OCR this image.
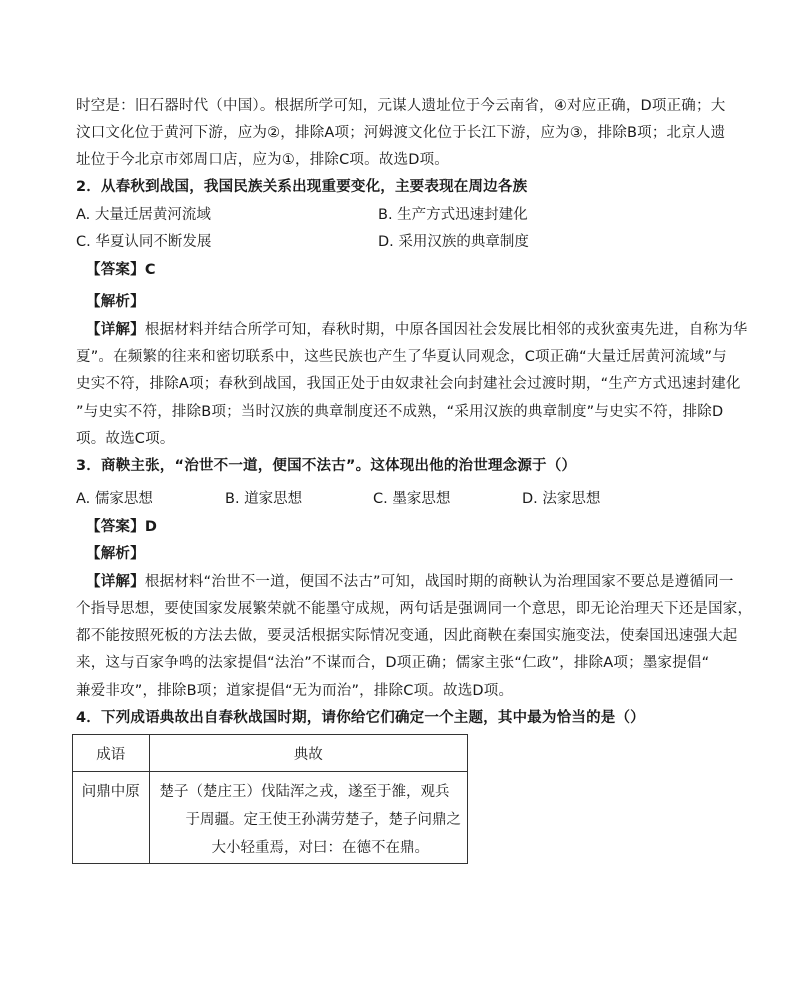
时空是：旧石器时代（中国）。根据所学可知，元谋人遗址位于今云南省，④对应正确，D项正确；大
汶口文化位于黄河下游，应为②，排除A项；河姆渡文化位于长江下游，应为③，排除B项；北京人遗
址位于今北京市郊周口店，应为①，排除C项。故选D项。
2．从春秋到战国，我国民族关系出现重要变化，主要表现在周边各族
A. 大量迁居黄河流域	B. 生产方式迅速封建化
C. 华夏认同不断发展	D. 采用汉族的典章制度
【答案】C
【解析】
【详解】根据材料并结合所学可知，春秋时期，中原各国因社会发展比相邻的戎狄蛮夷先进，自称为华
夏”。在频繁的往来和密切联系中，这些民族也产生了华夏认同观念，C项正确“大量迁居黄河流域”与
史实不符，排除A项；春秋到战国，我国正处于由奴隶社会向封建社会过渡时期，“生产方式迅速封建化
”与史实不符，排除B项；当时汉族的典章制度还不成熟，“采用汉族的典章制度”与史实不符，排除D
项。故选C项。
3．商鞅主张，“治世不一道，便国不法古”。这体现出他的治世理念源于（）
A. 儒家思想	B. 道家思想	C. 墨家思想	D. 法家思想
【答案】D
【解析】
【详解】根据材料“治世不一道，便国不法古”可知，战国时期的商鞅认为治理国家不要总是遵循同一
个指导思想，要使国家发展繁荣就不能墨守成规，两句话是强调同一个意思，即无论治理天下还是国家，
都不能按照死板的方法去做，要灵活根据实际情况变通，因此商鞅在秦国实施变法，使秦国迅速强大起
来，这与百家争鸣的法家提倡“法治”不谋而合，D项正确；儒家主张“仁政”，排除A项；墨家提倡“
兼爱非攻”，排除B项；道家提倡“无为而治”，排除C项。故选D项。
4．下列成语典故出自春秋战国时期，请你给它们确定一个主题，其中最为恰当的是（）
成语	典故
问鼎中原	楚子（楚庄王）伐陆浑之戎，遂至于雒，观兵
于周疆。定王使王孙满劳楚子，楚子问鼎之
大小轻重焉，对曰：在德不在鼎。
